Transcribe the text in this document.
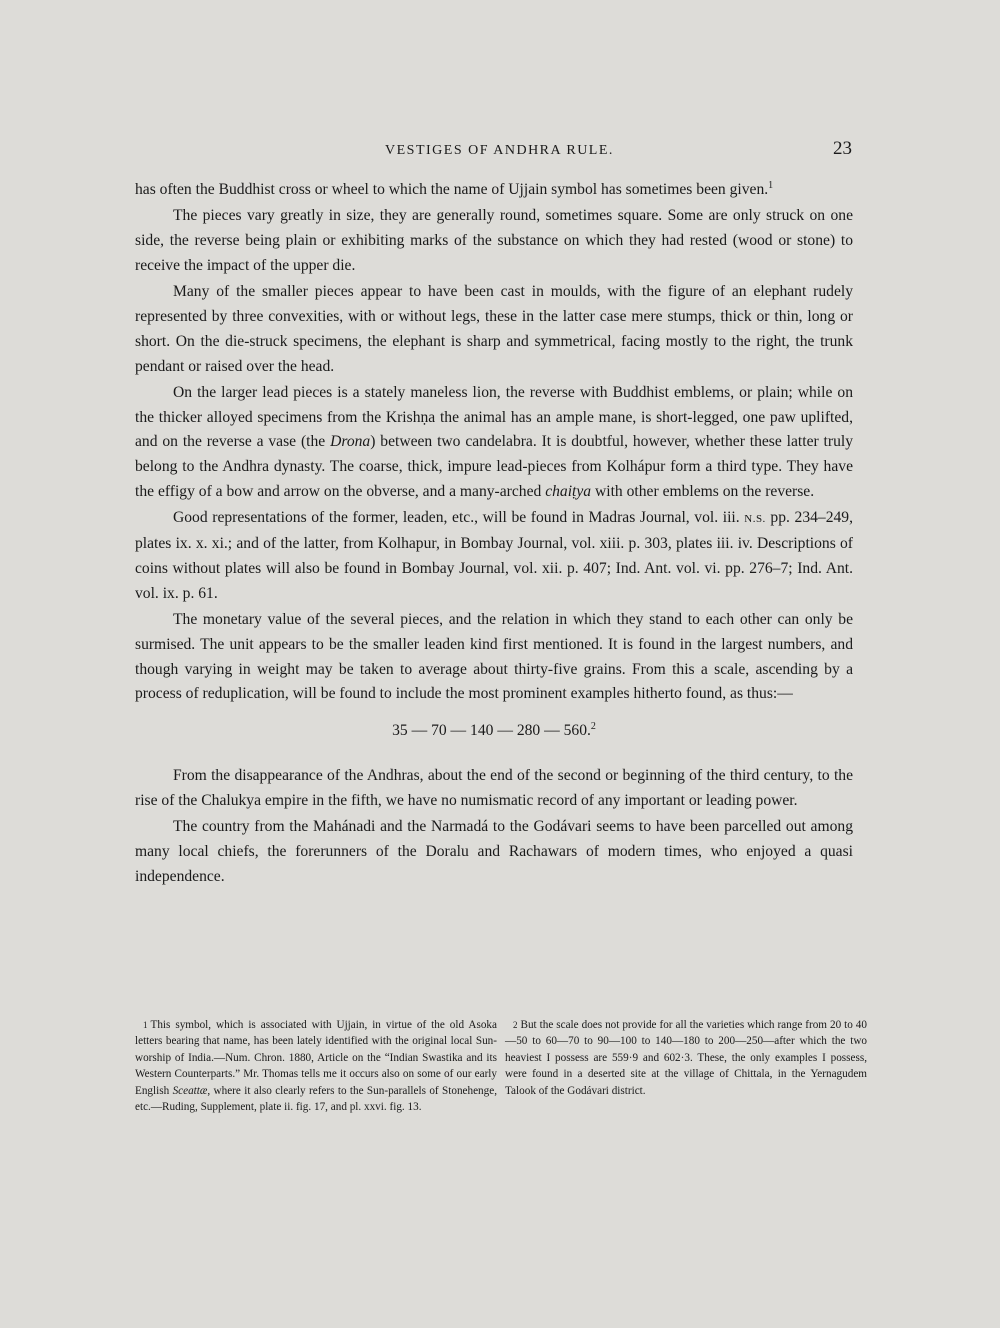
VESTIGES OF ANDHRA RULE.	23

has often the Buddhist cross or wheel to which the name of Ujjain symbol has sometimes been given.$^1$

The pieces vary greatly in size, they are generally round, sometimes square. Some are only struck on one side, the reverse being plain or exhibiting marks of the substance on which they had rested (wood or stone) to receive the impact of the upper die.

Many of the smaller pieces appear to have been cast in moulds, with the figure of an elephant rudely represented by three convexities, with or without legs, these in the latter case mere stumps, thick or thin, long or short. On the die-struck specimens, the elephant is sharp and symmetrical, facing mostly to the right, the trunk pendant or raised over the head.

On the larger lead pieces is a stately maneless lion, the reverse with Buddhist emblems, or plain; while on the thicker alloyed specimens from the Krishṇa the animal has an ample mane, is short-legged, one paw uplifted, and on the reverse a vase (the Drona) between two candelabra. It is doubtful, however, whether these latter truly belong to the Andhra dynasty. The coarse, thick, impure lead-pieces from Kolhápur form a third type. They have the effigy of a bow and arrow on the obverse, and a many-arched chaiṭya with other emblems on the reverse.

Good representations of the former, leaden, etc., will be found in Madras Journal, vol. iii. N.S. pp. 234–249, plates ix. x. xi.; and of the latter, from Kolhapur, in Bombay Journal, vol. xiii. p. 303, plates iii. iv. Descriptions of coins without plates will also be found in Bombay Journal, vol. xii. p. 407; Ind. Ant. vol. vi. pp. 276–7; Ind. Ant. vol. ix. p. 61.

The monetary value of the several pieces, and the relation in which they stand to each other can only be surmised. The unit appears to be the smaller leaden kind first mentioned. It is found in the largest numbers, and though varying in weight may be taken to average about thirty-five grains. From this a scale, ascending by a process of reduplication, will be found to include the most prominent examples hitherto found, as thus:—

35 — 70 — 140 — 280 — 560.$^2$

From the disappearance of the Andhras, about the end of the second or beginning of the third century, to the rise of the Chalukya empire in the fifth, we have no numismatic record of any important or leading power.

The country from the Mahánadi and the Narmadá to the Godávari seems to have been parcelled out among many local chiefs, the forerunners of the Doralu and Rachawars of modern times, who enjoyed a quasi independence.

1 This symbol, which is associated with Ujjain, in virtue of the old Asoka letters bearing that name, has been lately identified with the original local Sun-worship of India.—Num. Chron. 1880, Article on the “Indian Swastika and its Western Counterparts.” Mr. Thomas tells me it occurs also on some of our early English Sceattæ, where it also clearly refers to the Sun-parallels of Stonehenge, etc.—Ruding, Supplement, plate ii. fig. 17, and pl. xxvi. fig. 13.
2 But the scale does not provide for all the varieties which range from 20 to 40—50 to 60—70 to 90—100 to 140—180 to 200—250—after which the two heaviest I possess are 559·9 and 602·3. These, the only examples I possess, were found in a deserted site at the village of Chittala, in the Yernagudem Talook of the Godávari district.
